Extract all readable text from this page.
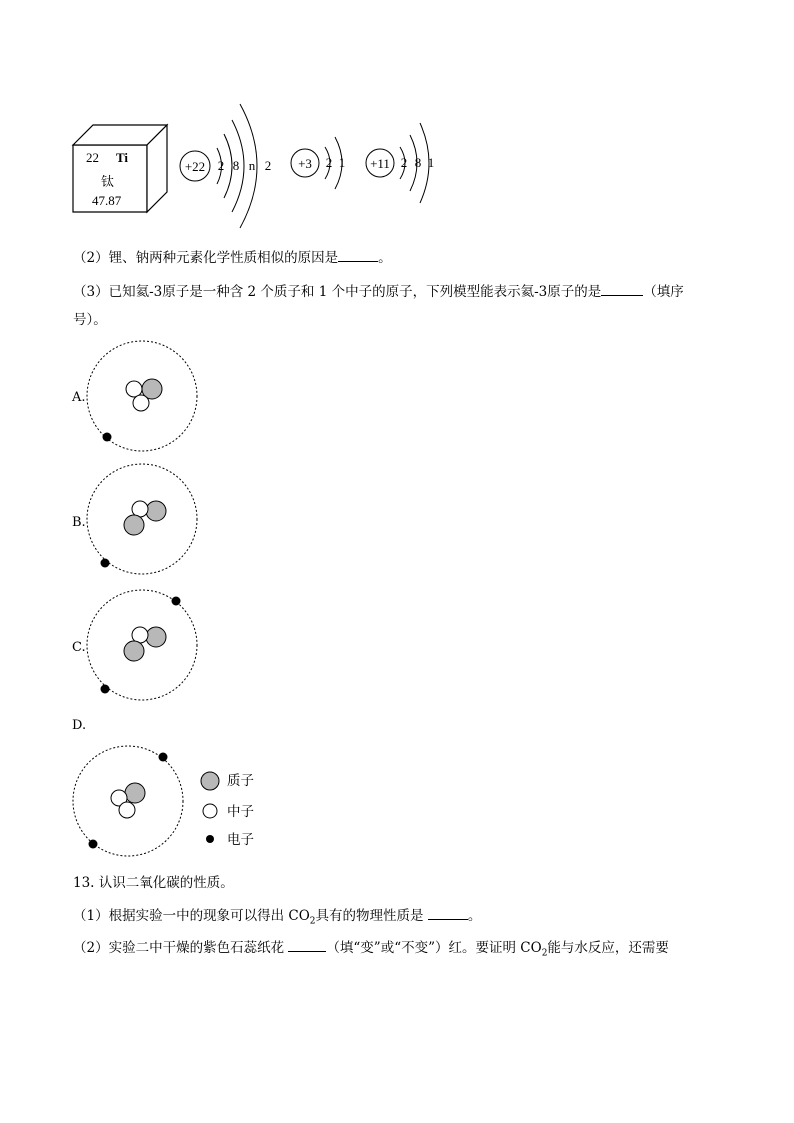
22 Ti
钛
47.87
+22 2 8 n 2 +3 2 1 +11 2 8 1
（2）锂、钠两种元素化学性质相似的原因是	。
（3）已知氦-3原子是一种含 2 个质子和 1 个中子的原子，下列模型能表示氦-3原子的是	（填序
号）。
A.
B.
C.
D.
质子
中子
电子
13. 认识二氧化碳的性质。
（1）根据实验一中的现象可以得出 $CO_2$具有的物理性质是	。
（2）实验二中干燥的紫色石蕊纸花	（填“变”或“不变”）红。要证明 $CO_2$能与水反应，还需要
